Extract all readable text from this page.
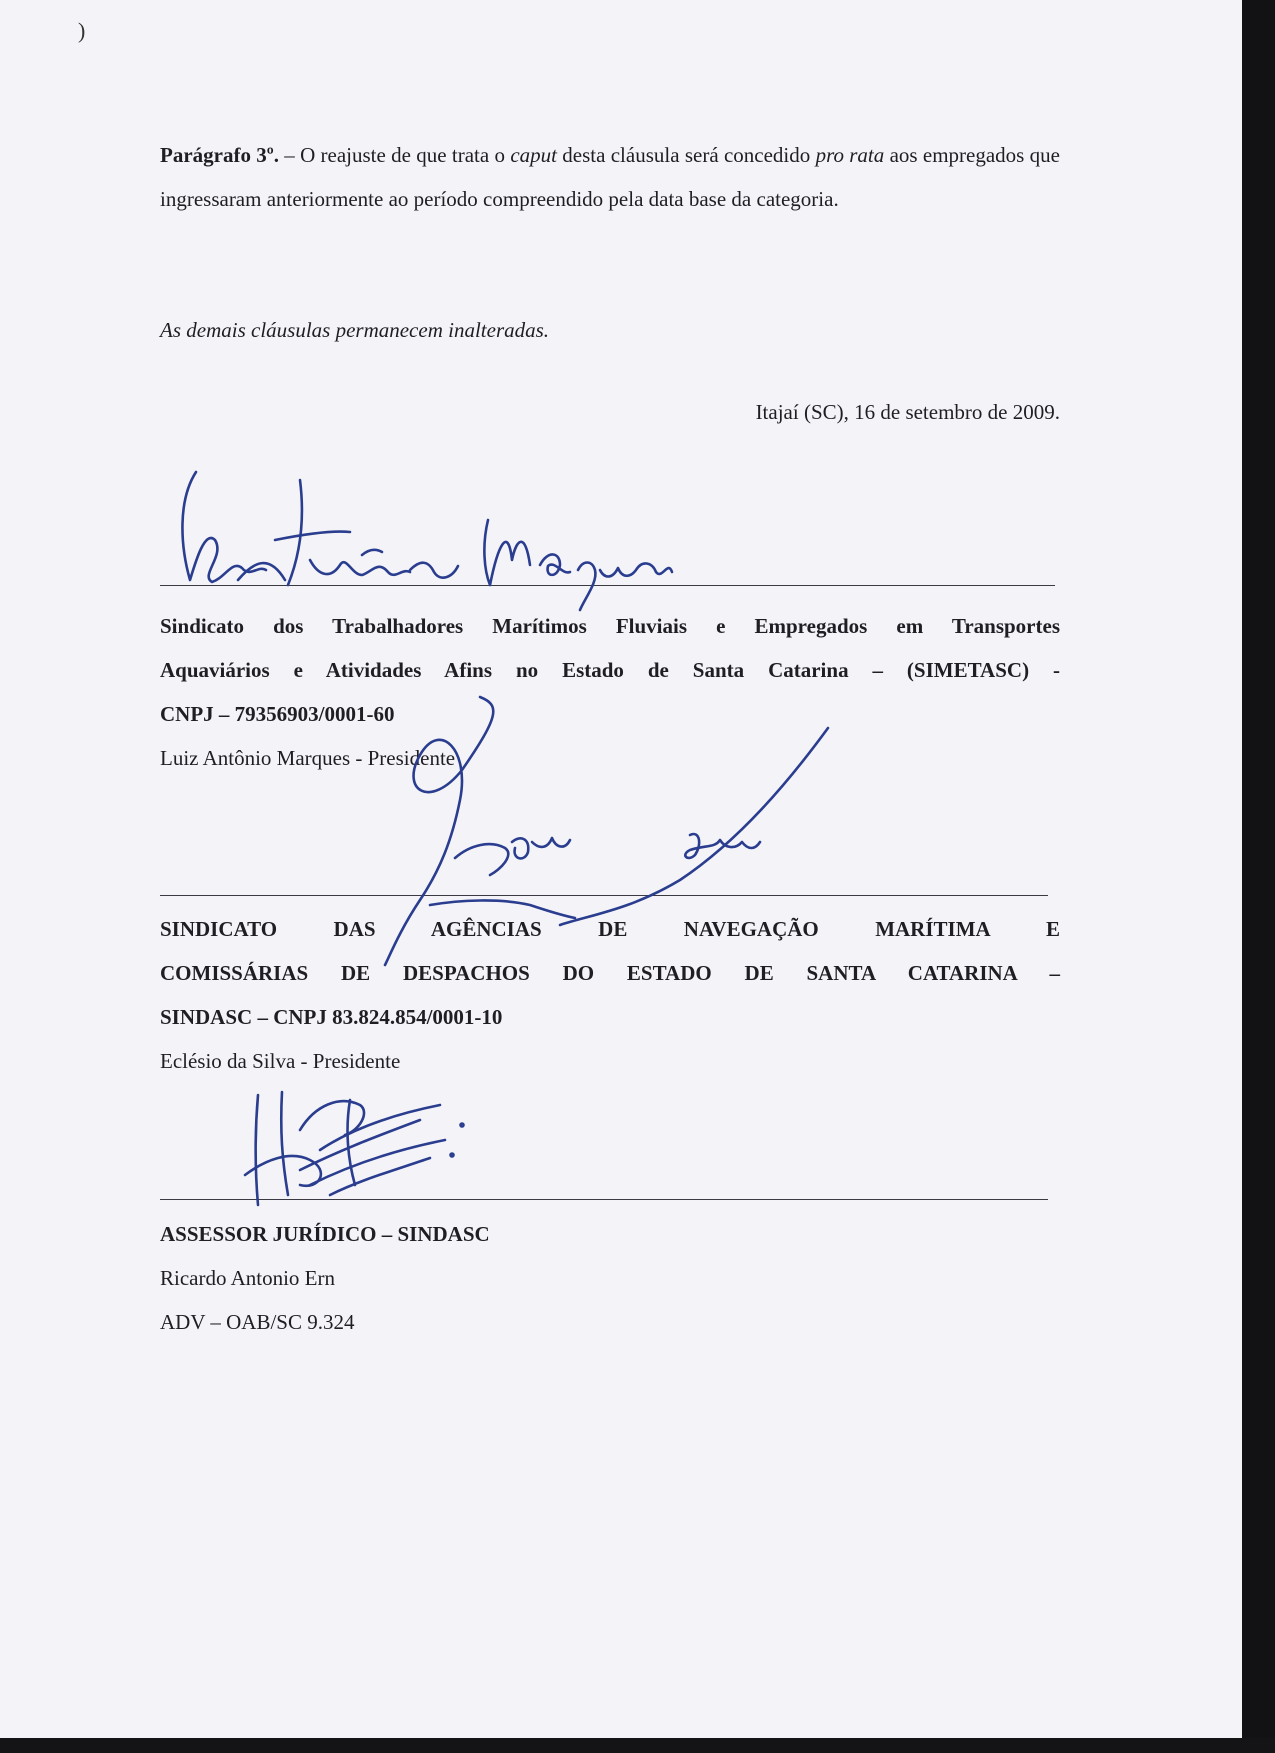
)
Parágrafo 3º. – O reajuste de que trata o caput desta cláusula será concedido pro rata aos empregados que ingressaram anteriormente ao período compreendido pela data base da categoria.
As demais cláusulas permanecem inalteradas.
Itajaí (SC), 16 de setembro de 2009.
Sindicato dos Trabalhadores Marítimos Fluviais e Empregados em Transportes
Aquaviários e Atividades Afins no Estado de Santa Catarina – (SIMETASC) -
CNPJ – 79356903/0001-60
Luiz Antônio Marques - Presidente
SINDICATO DAS AGÊNCIAS DE NAVEGAÇÃO MARÍTIMA E
COMISSÁRIAS DE DESPACHOS DO ESTADO DE SANTA CATARINA –
SINDASC – CNPJ 83.824.854/0001-10
Eclésio da Silva - Presidente
ASSESSOR JURÍDICO – SINDASC
Ricardo Antonio Ern
ADV – OAB/SC 9.324
